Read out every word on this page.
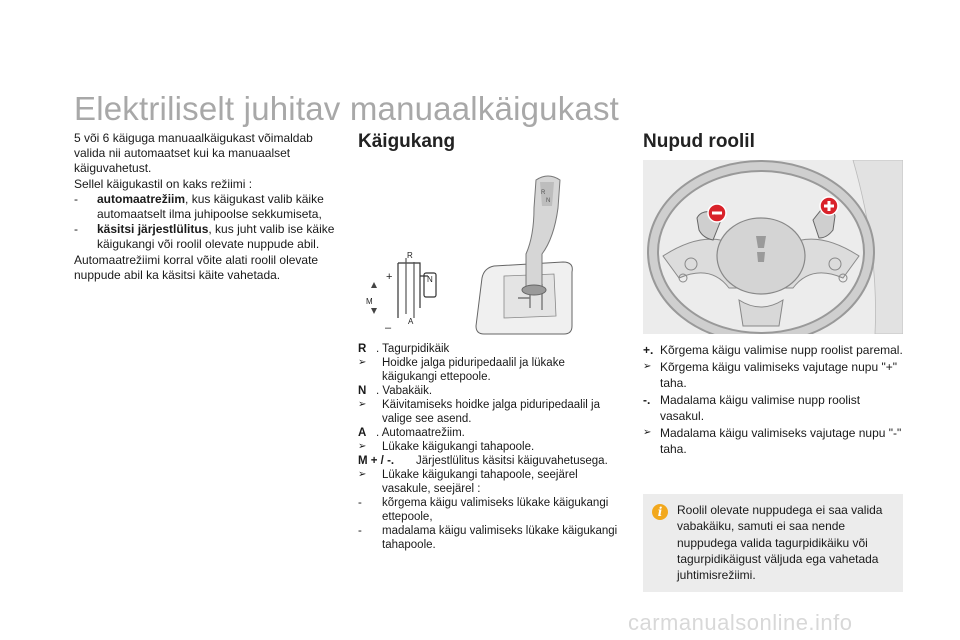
Elektriliselt juhitav manuaalkäigukast

5 või 6 käiguga manuaalkäigukast võimaldab valida nii automaatset kui ka manuaalset käiguvahetust.

Sellel käigukastil on kaks režiimi :

- automaatrežiim, kus käigukast valib käike automaatselt ilma juhipoolse sekkumiseta,
- käsitsi järjestlülitus, kus juht valib ise käike käigukangi või roolil olevate nuppude abil.

Automaatrežiimi korral võite alati roolil olevate nuppude abil ka käsitsi käite vahetada.

Käigukang
+
–
R
N
A
M
R
N
R . Tagurpidikäik
➢ Hoidke jalga piduripedaalil ja lükake käigukangi ettepoole.
N . Vabakäik.
➢ Käivitamiseks hoidke jalga piduripedaalil ja valige see asend.
A . Automaatrežiim.
➢ Lükake käigukangi tahapoole.
M + / -. Järjestlülitus käsitsi käiguvahetusega.
➢ Lükake käigukangi tahapoole, seejärel vasakule, seejärel :
- kõrgema käigu valimiseks lükake käigukangi ettepoole,
- madalama käigu valimiseks lükake käigukangi tahapoole.
Nupud roolil
+. Kõrgema käigu valimise nupp roolist paremal.
➢ Kõrgema käigu valimiseks vajutage nupu "+" taha.
-. Madalama käigu valimise nupp roolist vasakul.
➢ Madalama käigu valimiseks vajutage nupu "-" taha.
i	Roolil olevate nuppudega ei saa valida vabakäiku, samuti ei saa nende nuppudega valida tagurpidikäiku või tagurpidikäigust väljuda ega vahetada juhtimisrežiimi.
carmanualsonline.info
